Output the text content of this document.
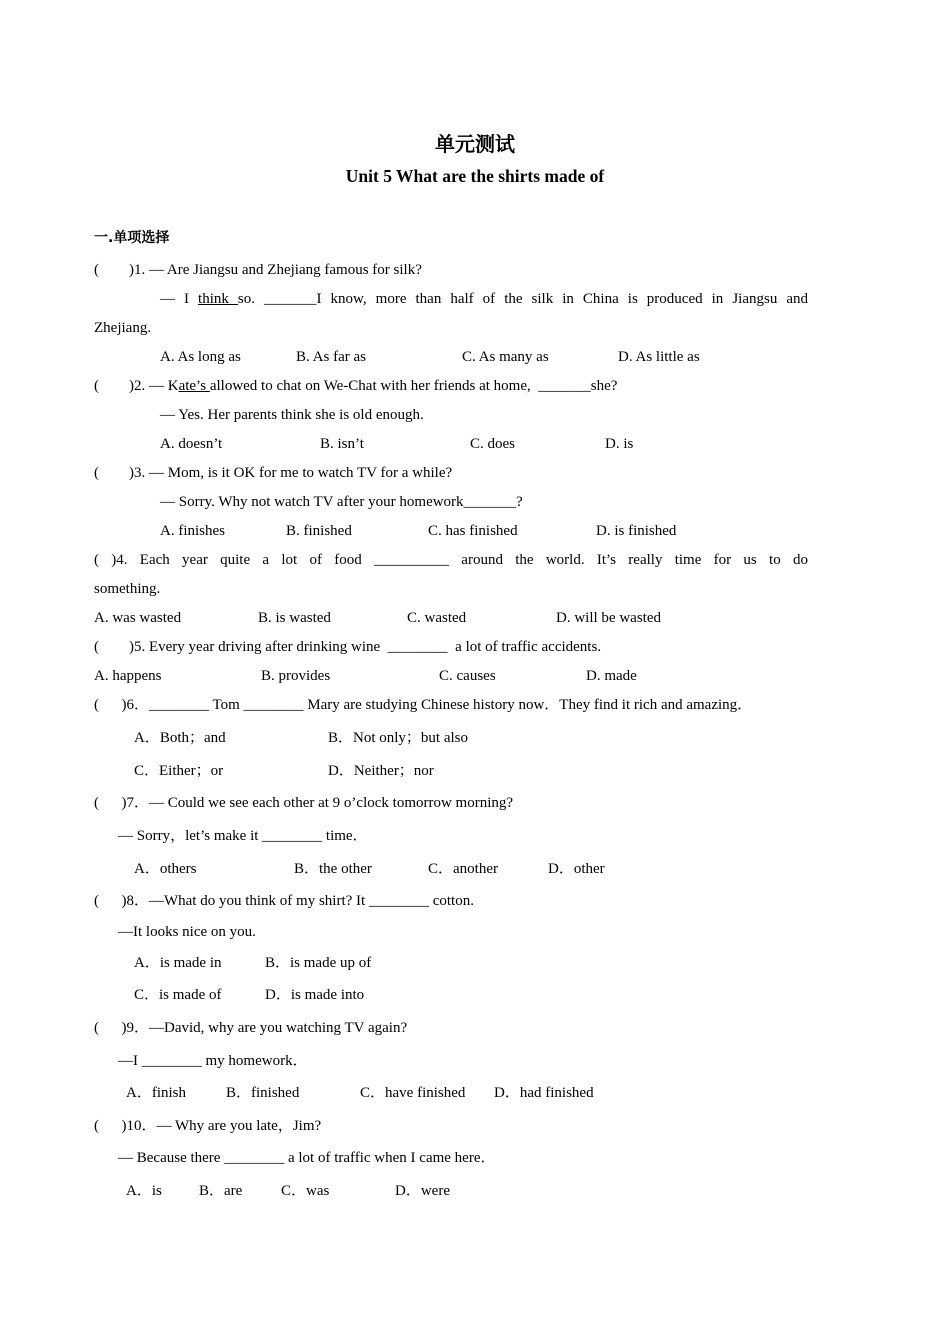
单元测试
Unit 5 What are the shirts made of
一.单项选择
(        )1. — Are Jiangsu and Zhejiang famous for silk?
— I think so. _______I know, more than half of the silk in China is produced in Jiangsu and
Zhejiang.
A. As long as	B. As far as	C. As many as	D. As little as
(        )2. — Kate’s allowed to chat on We-Chat with her friends at home,  _______she?
— Yes. Her parents think she is old enough.
A. doesn’t	B. isn’t	C. does	D. is
(        )3. — Mom, is it OK for me to watch TV for a while?
— Sorry. Why not watch TV after your homework_______?
A. finishes	B. finished	C. has finished	D. is finished
( )4. Each year quite a lot of food __________ around the world. It’s really time for us to do
something.
A. was wasted	B. is wasted	C. wasted	D. will be wasted
(        )5. Every year driving after drinking wine  ________  a lot of traffic accidents.
A. happens	B. provides	C. causes	D. made
(      )6．________ Tom ________ Mary are studying Chinese history now．They find it rich and amazing．
A．Both；and	B．Not only；but also
C．Either；or	D．Neither；nor
(      )7．— Could we see each other at 9 o’clock tomorrow morning?
— Sorry，let’s make it ________ time．
A．others	B．the other	C．another	D．other
(      )8．—What do you think of my shirt? It ________ cotton.
—It looks nice on you.
A．is made in	B．is made up of
C．is made of	D．is made into
(      )9．—David, why are you watching TV again?
—I ________ my homework．
A．finish	B．finished	C．have finished D．had finished
(      )10．— Why are you late，Jim?
— Because there ________ a lot of traffic when I came here．
A．is B．are	C．was	D．were
